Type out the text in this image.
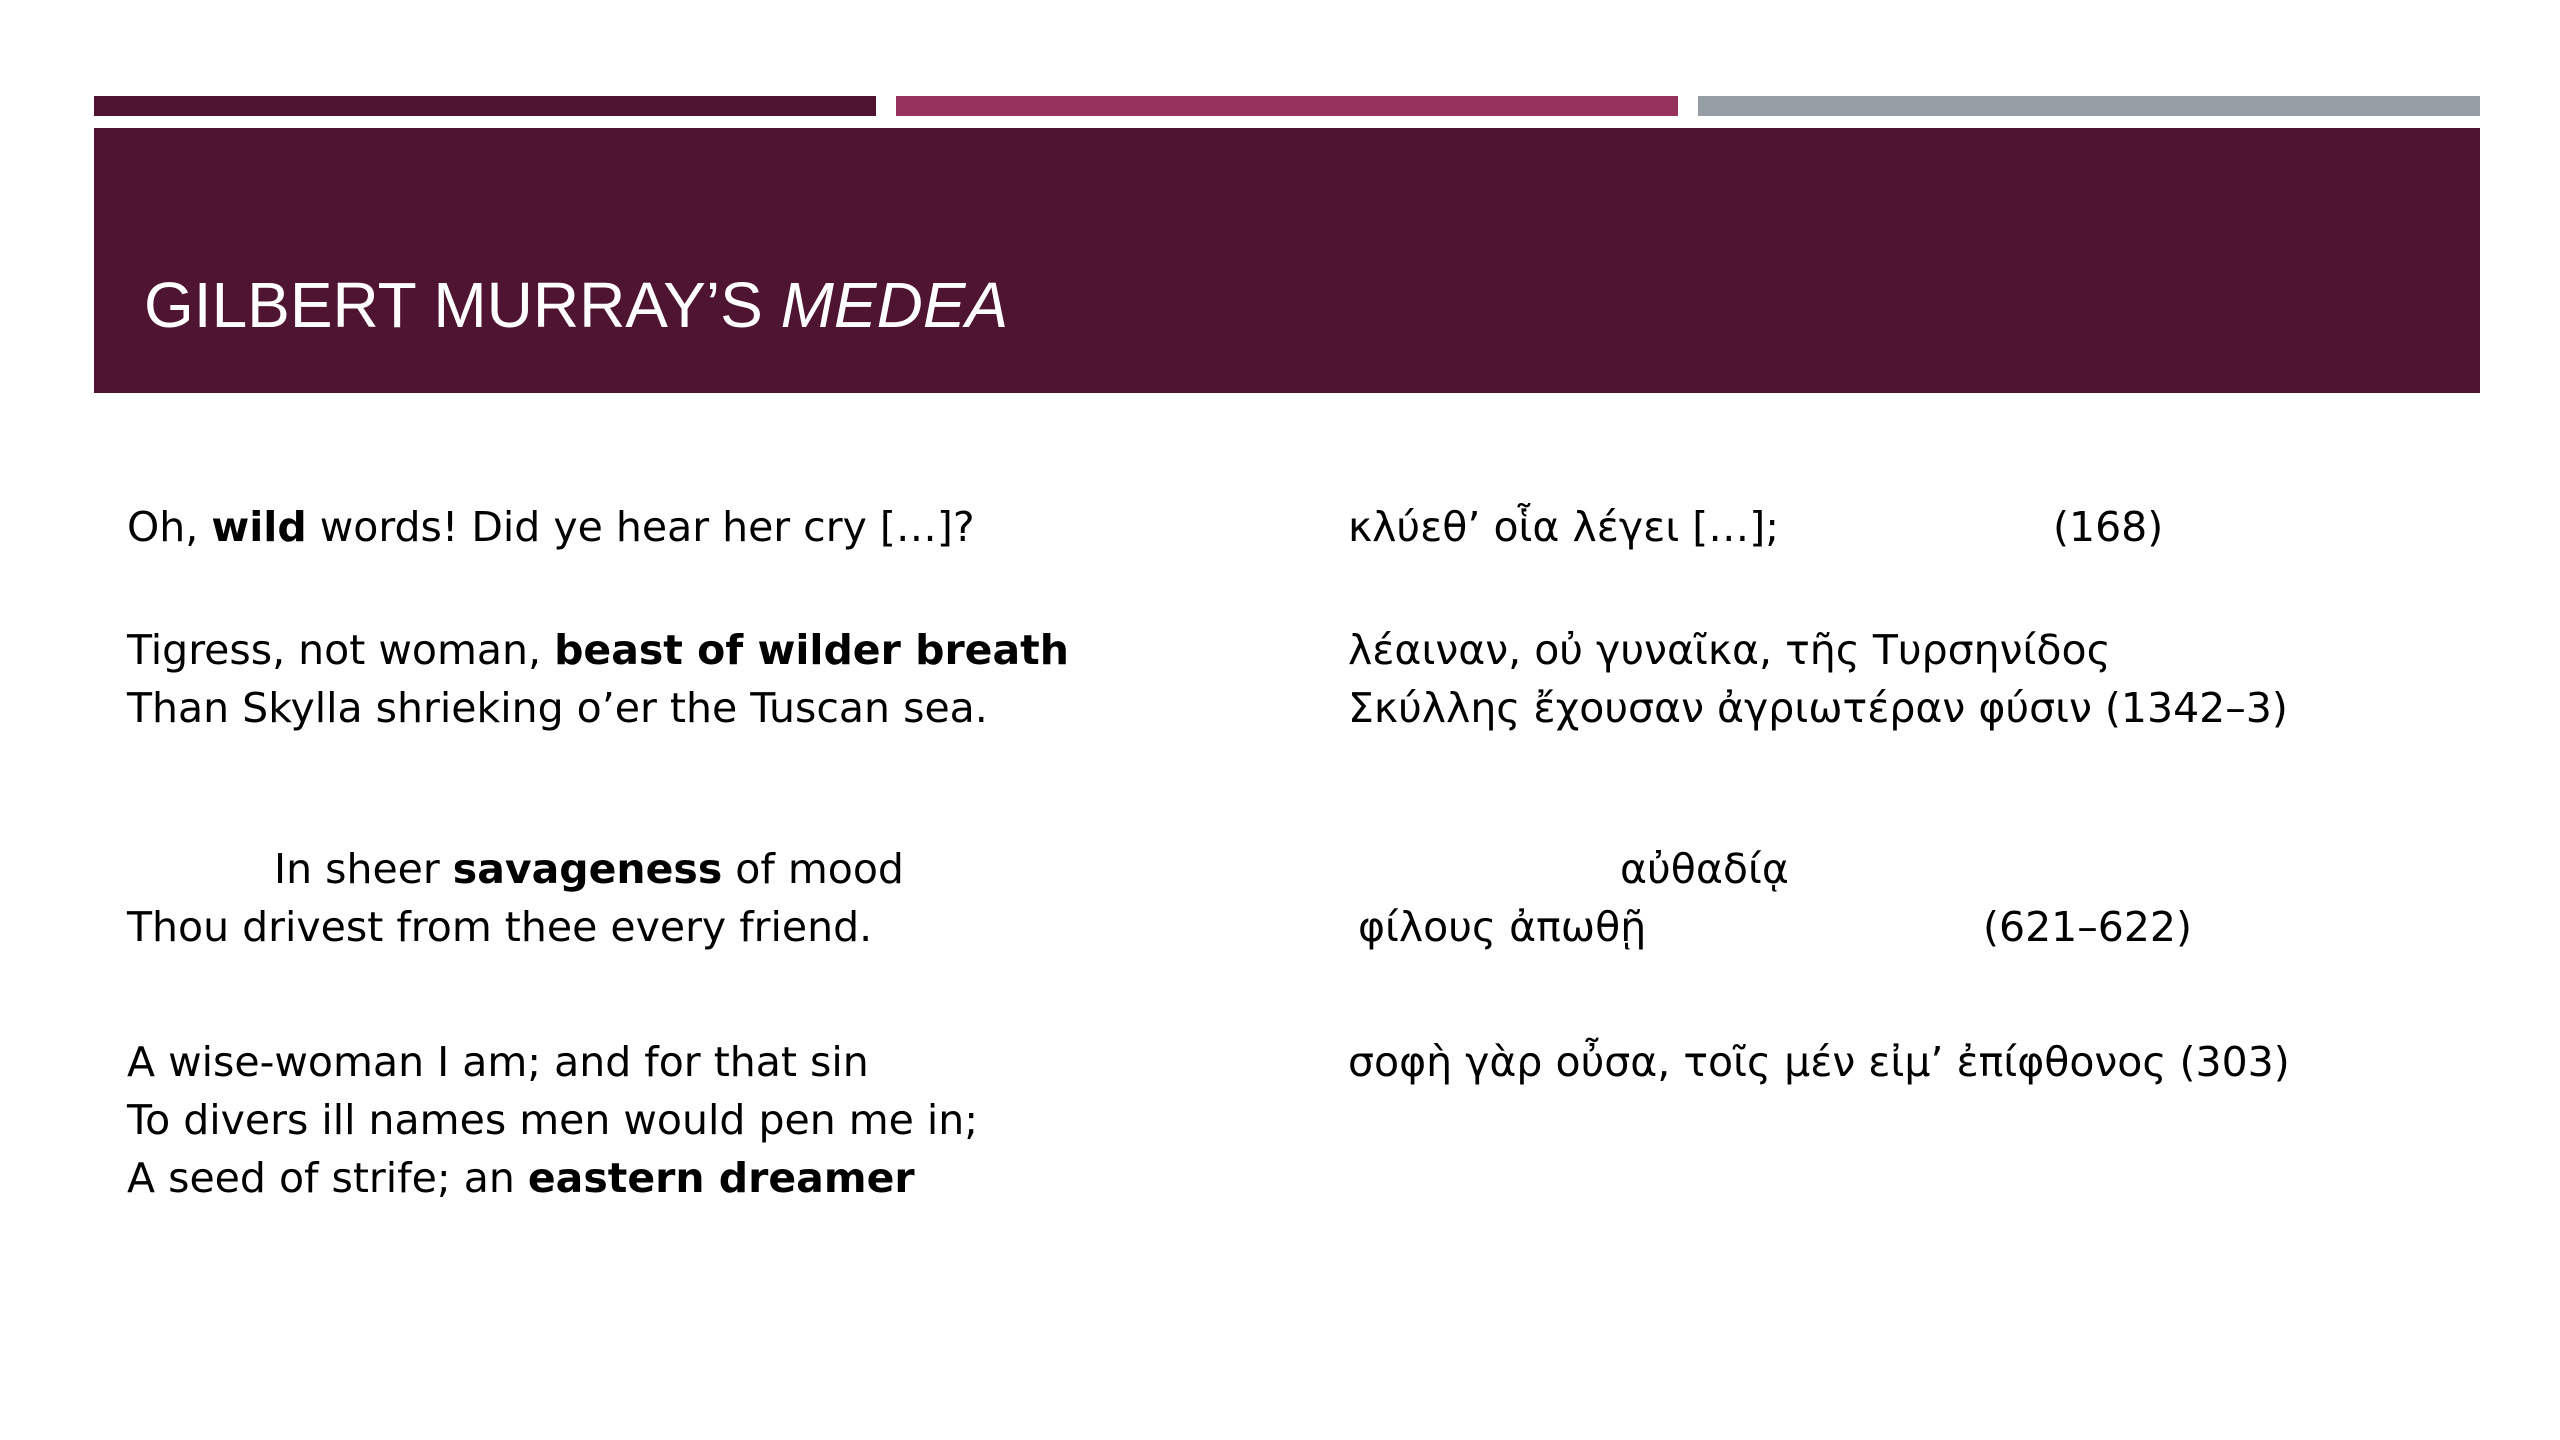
GILBERT MURRAY’S MEDEA
Oh, wild words! Did ye hear her cry […]?
Tigress, not woman, beast of wilder breath
Than Skylla shrieking o’er the Tuscan sea.
In sheer savageness of mood
Thou drivest from thee every friend.
A wise-woman I am; and for that sin
To divers ill names men would pen me in;
A seed of strife; an eastern dreamer
κλύεθ’ οἷα λέγει […];	(168)
λέαιναν, οὐ γυναῖκα, τῆς Τυρσηνίδος
Σκύλλης ἔχουσαν ἀγριωτέραν φύσιν (1342–3)
αὐθαδίᾳ
φίλους ἀπωθῇ	(621–622)
σοφὴ γὰρ οὖσα, τοῖς μέν εἰμ’ ἐπίφθονος (303)
